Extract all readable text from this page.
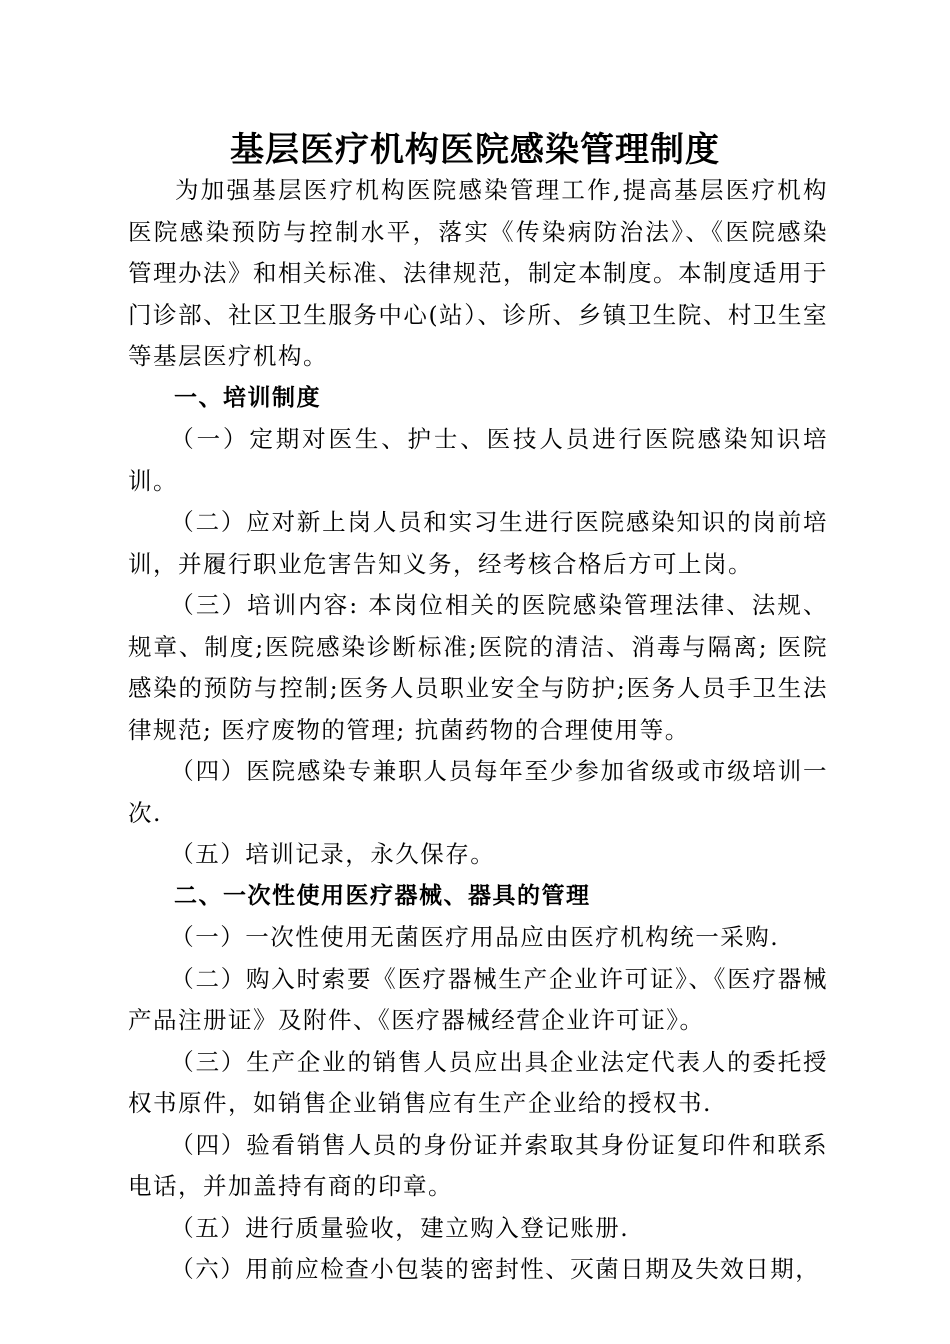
基层医疗机构医院感染管理制度

为加强基层医疗机构医院感染管理工作,提高基层医疗机构医院感染预防与控制水平，落实《传染病防治法》、《医院感染管理办法》和相关标准、法律规范，制定本制度。本制度适用于门诊部、社区卫生服务中心(站）、诊所、乡镇卫生院、村卫生室等基层医疗机构。

一、培训制度

（一）定期对医生、护士、医技人员进行医院感染知识培训。

（二）应对新上岗人员和实习生进行医院感染知识的岗前培训，并履行职业危害告知义务，经考核合格后方可上岗。

（三）培训内容: 本岗位相关的医院感染管理法律、法规、规章、制度;医院感染诊断标准;医院的清洁、消毒与隔离; 医院感染的预防与控制;医务人员职业安全与防护;医务人员手卫生法律规范; 医疗废物的管理; 抗菌药物的合理使用等。

（四）医院感染专兼职人员每年至少参加省级或市级培训一次.

（五）培训记录，永久保存。

二、一次性使用医疗器械、器具的管理

（一）一次性使用无菌医疗用品应由医疗机构统一采购.

（二）购入时索要《医疗器械生产企业许可证》、《医疗器械产品注册证》及附件、《医疗器械经营企业许可证》。

（三）生产企业的销售人员应出具企业法定代表人的委托授权书原件，如销售企业销售应有生产企业给的授权书.

（四）验看销售人员的身份证并索取其身份证复印件和联系电话，并加盖持有商的印章。

（五）进行质量验收，建立购入登记账册.

（六）用前应检查小包装的密封性、灭菌日期及失效日期，
